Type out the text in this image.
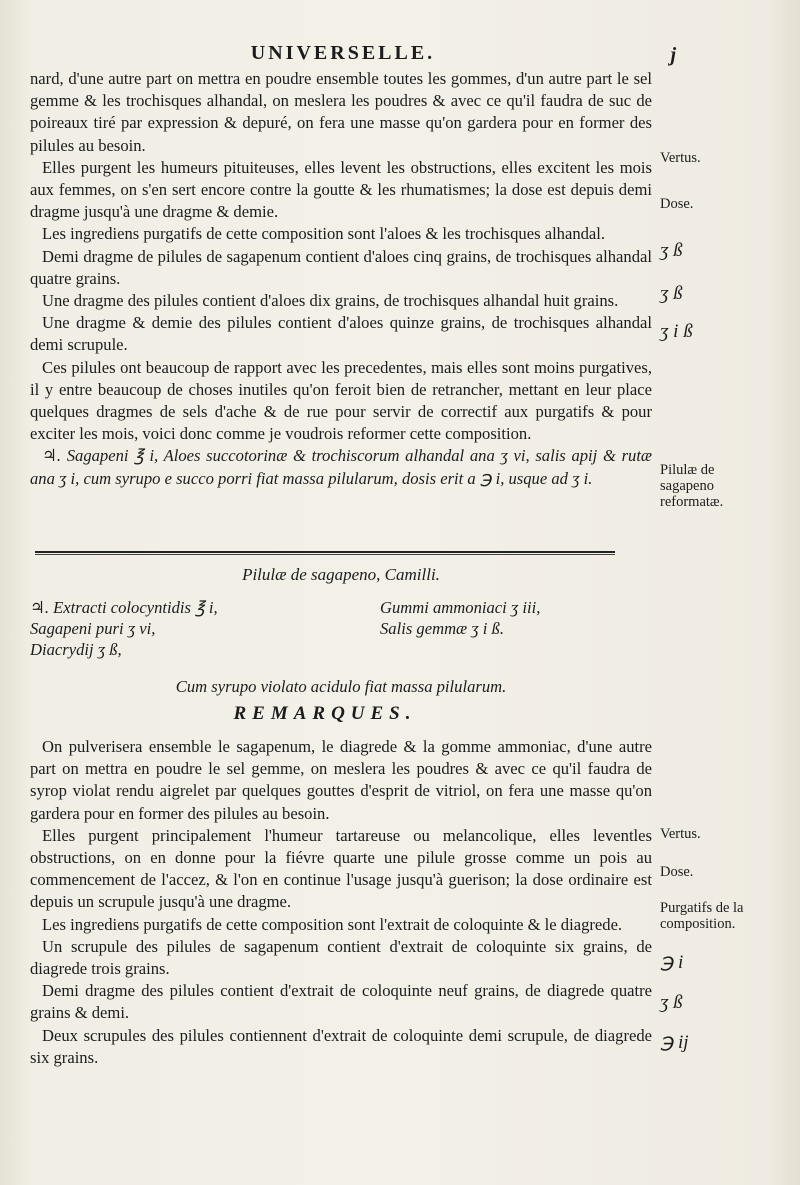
UNIVERSELLE.	j

nard, d'une autre part on mettra en poudre ensemble toutes les gommes, d'un autre part le sel gemme & les trochisques alhandal, on meslera les poudres & avec ce qu'il faudra de suc de poireaux tiré par expression & depuré, on fera une masse qu'on gardera pour en former des pilules au besoin.

Elles purgent les humeurs pituiteuses, elles levent les obstructions, elles excitent les mois aux femmes, on s'en sert encore contre la goutte & les rhumatismes; la dose est depuis demi dragme jusqu'à une dragme & demie.

Les ingrediens purgatifs de cette composition sont l'aloes & les trochisques alhandal.

Demi dragme de pilules de sagapenum contient d'aloes cinq grains, de trochisques alhandal quatre grains.

Une dragme des pilules contient d'aloes dix grains, de trochisques alhandal huit grains.

Une dragme & demie des pilules contient d'aloes quinze grains, de trochisques alhandal demi scrupule.

Ces pilules ont beaucoup de rapport avec les precedentes, mais elles sont moins purgatives, il y entre beaucoup de choses inutiles qu'on feroit bien de retrancher, mettant en leur place quelques dragmes de sels d'ache & de rue pour servir de correctif aux purgatifs & pour exciter les mois, voici donc comme je voudrois reformer cette composition.

♃. Sagapeni ℥ i, Aloes succotorinæ & trochiscorum alhandal ana ʒ vi, salis apij & rutæ ana ʒ i, cum syrupo e succo porri fiat massa pilularum, dosis erit a ℈ i, usque ad ʒ i.

Pilulæ de sagapeno, Camilli.

♃. Extracti colocyntidis ℥ i,
Sagapeni puri ʒ vi,
Diacrydij ʒ ß,
Gummi ammoniaci ʒ iii,
Salis gemmæ ʒ i ß.
Cum syrupo violato acidulo fiat massa pilularum.
REMARQUES.

On pulverisera ensemble le sagapenum, le diagrede & la gomme ammoniac, d'une autre part on mettra en poudre le sel gemme, on meslera les poudres & avec ce qu'il faudra de syrop violat rendu aigrelet par quelques gouttes d'esprit de vitriol, on fera une masse qu'on gardera pour en former des pilules au besoin.

Elles purgent principalement l'humeur tartareuse ou melancolique, elles leventles obstructions, on en donne pour la fiévre quarte une pilule grosse comme un pois au commencement de l'accez, & l'on en continue l'usage jusqu'à guerison; la dose ordinaire est depuis un scrupule jusqu'à une dragme.

Les ingrediens purgatifs de cette composition sont l'extrait de coloquinte & le diagrede.

Un scrupule des pilules de sagapenum contient d'extrait de coloquinte six grains, de diagrede trois grains.

Demi dragme des pilules contient d'extrait de coloquinte neuf grains, de diagrede quatre grains & demi.

Deux scrupules des pilules contiennent d'extrait de coloquinte demi scrupule, de diagrede six grains.

Vertus.
Dose.
ʒ ß
ʒ ß
ʒ i ß
Pilulæ de sagapeno reformatæ.
Vertus.
Dose.
Purgatifs de la composition.
℈ i
ʒ ß
℈ ij
